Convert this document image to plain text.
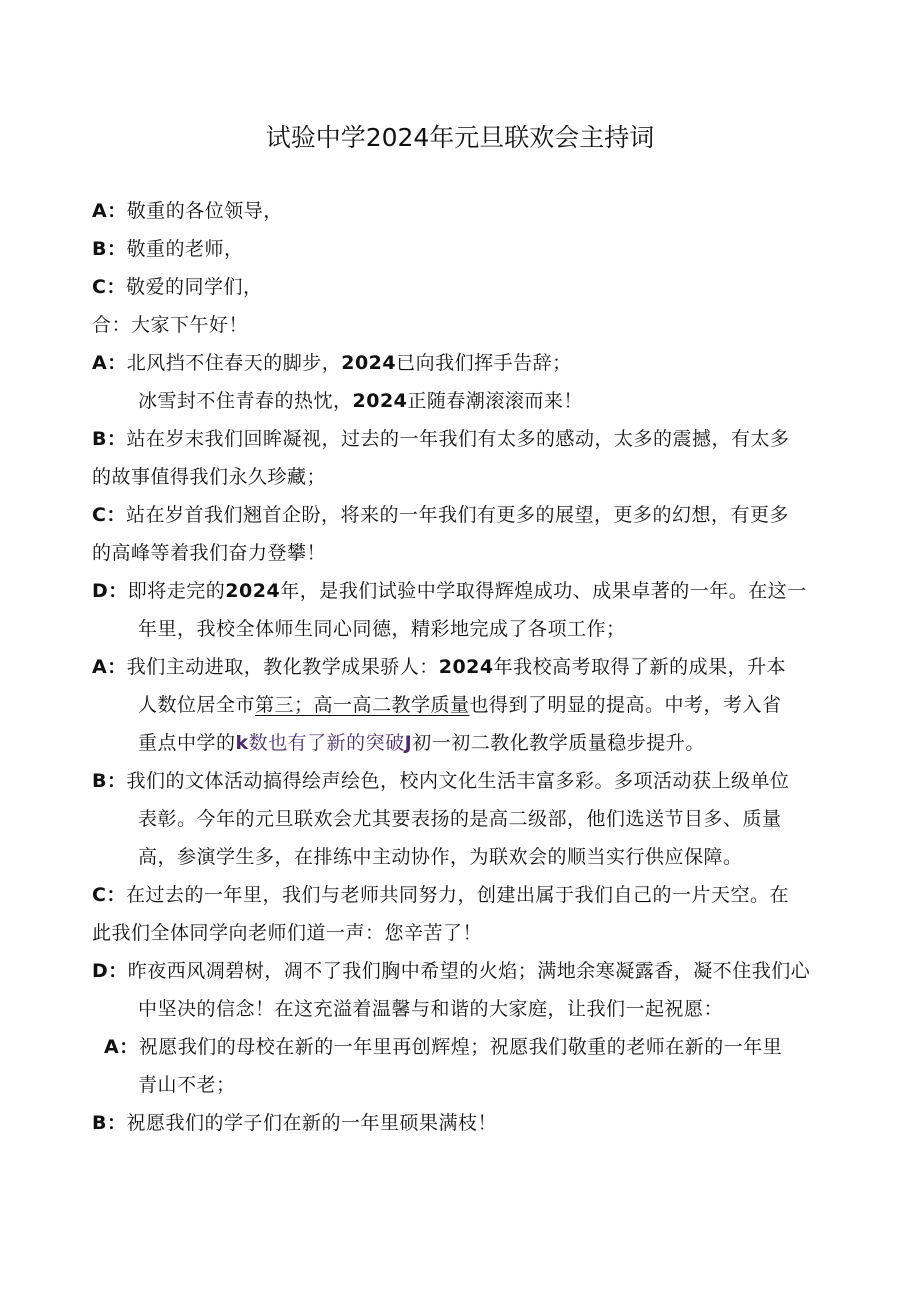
试验中学2024年元旦联欢会主持词
A：敬重的各位领导，
B：敬重的老师，
C：敬爱的同学们，
合：大家下午好！
A：北风挡不住春天的脚步，2024已向我们挥手告辞；
冰雪封不住青春的热忱，2024正随春潮滚滚而来！
B：站在岁末我们回眸凝视，过去的一年我们有太多的感动，太多的震撼，有太多
的故事值得我们永久珍藏；
C：站在岁首我们翘首企盼，将来的一年我们有更多的展望，更多的幻想，有更多
的高峰等着我们奋力登攀！
D：即将走完的2024年，是我们试验中学取得辉煌成功、成果卓著的一年。在这一
年里，我校全体师生同心同德，精彩地完成了各项工作；
A：我们主动进取，教化教学成果骄人：2024年我校高考取得了新的成果，升本
人数位居全市第三；高一高二教学质量也得到了明显的提高。中考，考入省
重点中学的k数也有了新的突破J初一初二教化教学质量稳步提升。
B：我们的文体活动搞得绘声绘色，校内文化生活丰富多彩。多项活动获上级单位
表彰。今年的元旦联欢会尤其要表扬的是高二级部，他们选送节目多、质量
高，参演学生多，在排练中主动协作，为联欢会的顺当实行供应保障。
C：在过去的一年里，我们与老师共同努力，创建出属于我们自己的一片天空。在
此我们全体同学向老师们道一声：您辛苦了！
D：昨夜西风凋碧树，凋不了我们胸中希望的火焰；满地余寒凝露香，凝不住我们心
中坚决的信念！在这充溢着温馨与和谐的大家庭，让我们一起祝愿：
A：祝愿我们的母校在新的一年里再创辉煌；祝愿我们敬重的老师在新的一年里
青山不老；
B：祝愿我们的学子们在新的一年里硕果满枝！
